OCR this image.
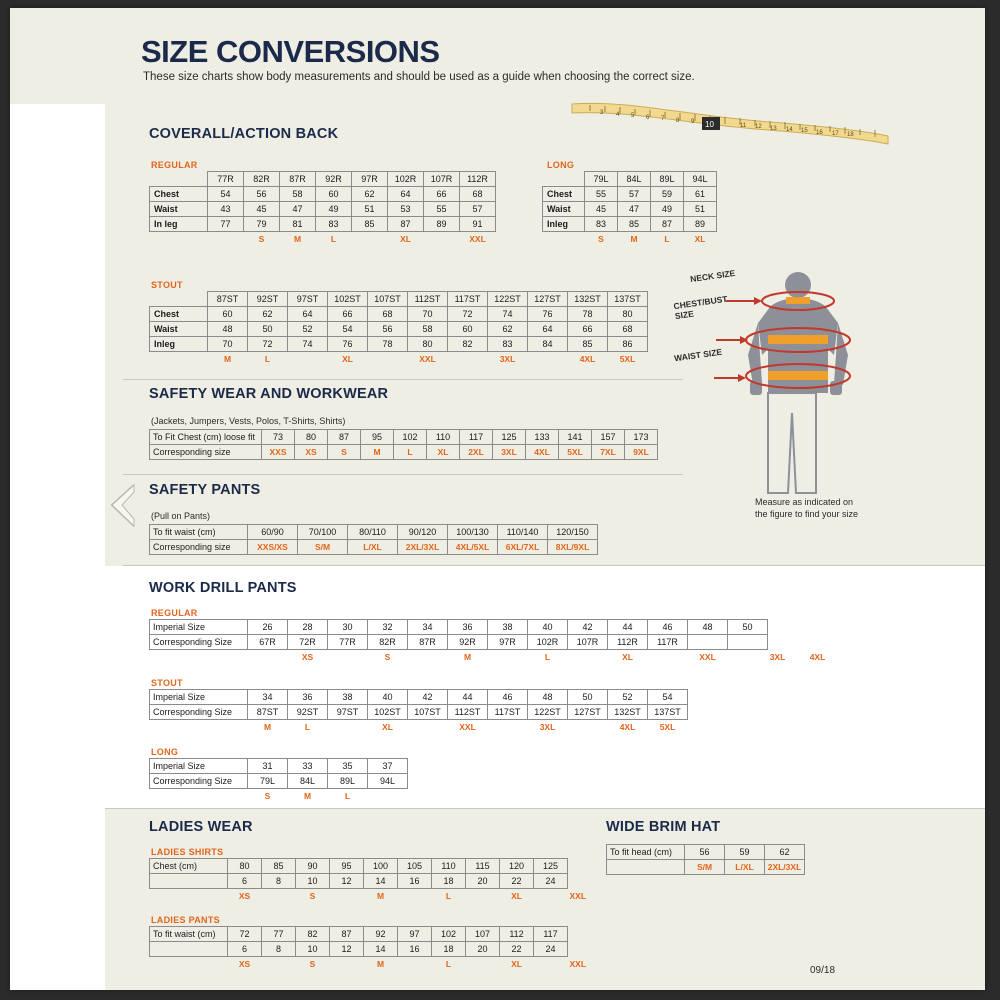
SIZE CONVERSIONS
These size charts show body measurements and should be used as a guide when choosing the correct size.
3 4 5 6 7 8 9
11 12 13 14 15 16 17 18
10
COVERALL/ACTION BACK
REGULAR
	77R	82R	87R	92R	97R	102R	107R	112R
Chest	54	56	58	60	62	64	66	68
Waist	43	45	47	49	51	53	55	57
In leg	77	79	81	83	85	87	89	91
		S	M	L		XL		XXL
LONG
	79L	84L	89L	94L
Chest	55	57	59	61
Waist	45	47	49	51
Inleg	83	85	87	89
	S	M	L	XL
STOUT
	87ST	92ST	97ST	102ST	107ST	112ST	117ST	122ST	127ST	132ST	137ST
Chest	60	62	64	66	68	70	72	74	76	78	80
Waist	48	50	52	54	56	58	60	62	64	66	68
Inleg	70	72	74	76	78	80	82	83	84	85	86
	M	L		XL		XXL		3XL		4XL	5XL
SAFETY WEAR AND WORKWEAR
(Jackets, Jumpers, Vests, Polos, T-Shirts, Shirts)
To Fit Chest (cm) loose fit	73	80	87	95	102	110	117	125	133	141	157	173
Corresponding size	XXS	XS	S	M	L	XL	2XL	3XL	4XL	5XL	7XL	9XL
SAFETY PANTS
(Pull on Pants)
To fit waist (cm)	60/90	70/100	80/110	90/120	100/130	110/140	120/150
Corresponding size	XXS/XS	S/M	L/XL	2XL/3XL	4XL/5XL	6XL/7XL	8XL/9XL
WORK DRILL PANTS
REGULAR
Imperial Size	26	28	30	32	34	36	38	40	42	44	46	48	50			
Corresponding Size	67R	72R	77R	82R	87R	92R	97R	102R	107R	112R	117R					
		XS		S		M		L		XL		XXL		3XL		4XL
STOUT
Imperial Size	34	36	38	40	42	44	46	48	50	52	54
Corresponding Size	87ST	92ST	97ST	102ST	107ST	112ST	117ST	122ST	127ST	132ST	137ST
	M	L		XL		XXL		3XL		4XL	5XL
LONG
Imperial Size	31	33	35	37
Corresponding Size	79L	84L	89L	94L
	S	M	L	
LADIES WEAR
LADIES SHIRTS
Chest (cm)	80	85	90	95	100	105	110	115	120	125		
	6	8	10	12	14	16	18	20	22	24		
	XS		S		M		L		XL		XXL	
LADIES PANTS
To fit waist (cm)	72	77	82	87	92	97	102	107	112	117		
	6	8	10	12	14	16	18	20	22	24		
	XS		S		M		L		XL		XXL	
WIDE BRIM HAT
To fit head (cm)	56	59	62
	S/M	L/XL	2XL/3XL
NECK SIZE
CHEST/BUST SIZE
WAIST SIZE
Measure as indicated on the figure to find your size
09/18
